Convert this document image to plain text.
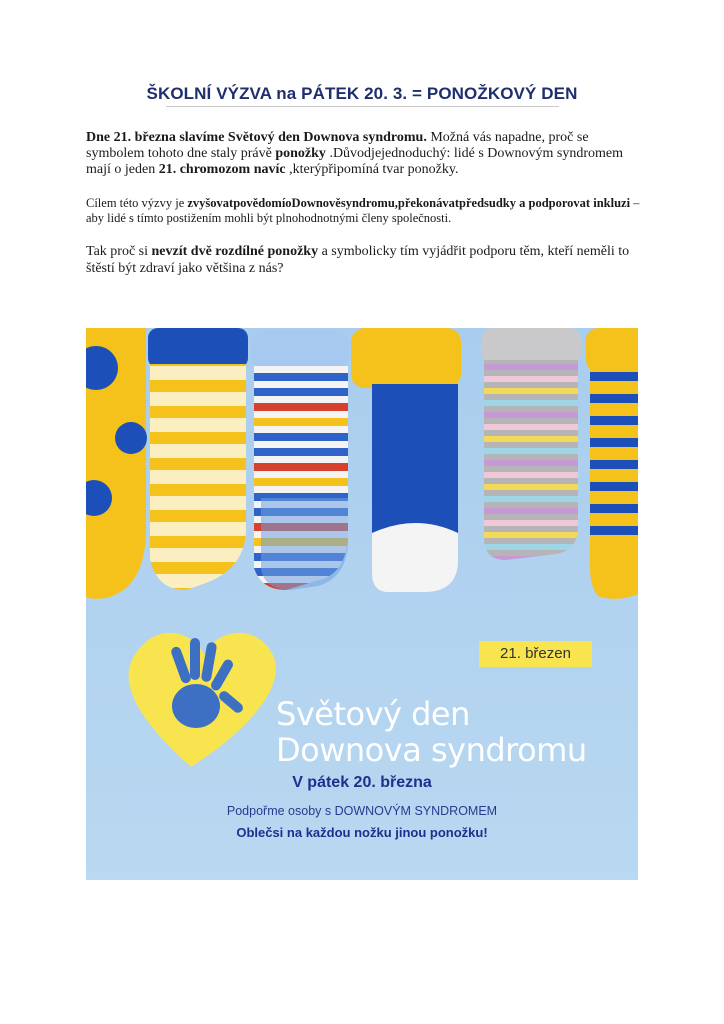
ŠKOLNÍ VÝZVA na PÁTEK 20. 3. = PONOŽKOVÝ DEN
Dne 21. března slavíme Světový den Downova syndromu. Možná vás napadne, proč se symbolem tohoto dne staly právě ponožky .Důvodjejednoduchý: lidé s Downovým syndromem mají o jeden 21. chromozom navíc ,kterýpřipomíná tvar ponožky.
Cílem této výzvy je zvyšovatpovědomíoDownověsyndromu,překonávatpředsudky a podporovat inkluzi – aby lidé s tímto postižením mohli být plnohodnotnými členy společnosti.
Tak proč si nevzít dvě rozdílné ponožky a symbolicky tím vyjádřit podporu těm, kteří neměli to štěstí být zdraví jako většina z nás?
21. březen
Světový den
Downova syndromu
V pátek 20. března
Podpořme osoby s DOWNOVÝM SYNDROMEM
Oblečsi na každou nožku jinou ponožku!
